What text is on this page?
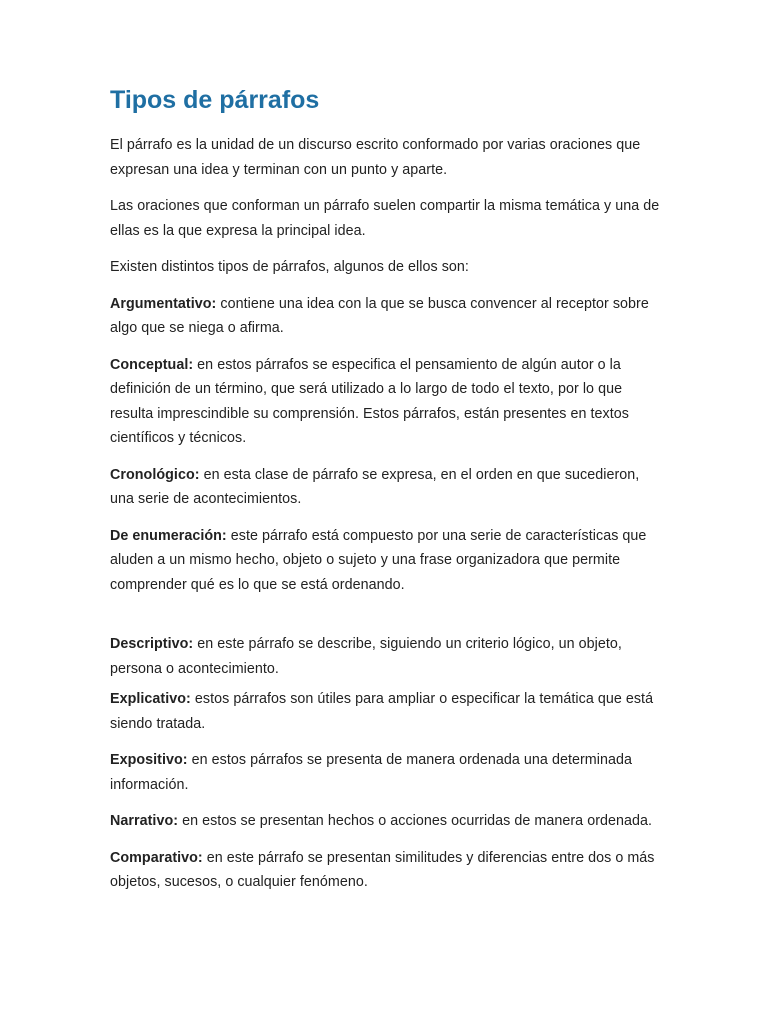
Tipos de párrafos

El párrafo es la unidad de un discurso escrito conformado por varias oraciones que expresan una idea y terminan con un punto y aparte.

Las oraciones que conforman un párrafo suelen compartir la misma temática y una de ellas es la que expresa la principal idea.

Existen distintos tipos de párrafos, algunos de ellos son:

Argumentativo: contiene una idea con la que se busca convencer al receptor sobre algo que se niega o afirma.

Conceptual: en estos párrafos se especifica el pensamiento de algún autor o la definición de un término, que será utilizado a lo largo de todo el texto, por lo que resulta imprescindible su comprensión. Estos párrafos, están presentes en textos científicos y técnicos.

Cronológico: en esta clase de párrafo se expresa, en el orden en que sucedieron, una serie de acontecimientos.

De enumeración: este párrafo está compuesto por una serie de características que aluden a un mismo hecho, objeto o sujeto y una frase organizadora que permite comprender qué es lo que se está ordenando.

Descriptivo: en este párrafo se describe, siguiendo un criterio lógico, un objeto, persona o acontecimiento.

Explicativo: estos párrafos son útiles para ampliar o especificar la temática que está siendo tratada.

Expositivo: en estos párrafos se presenta de manera ordenada una determinada información.

Narrativo: en estos se presentan hechos o acciones ocurridas de manera ordenada.

Comparativo: en este párrafo se presentan similitudes y diferencias entre dos o más objetos, sucesos, o cualquier fenómeno.
